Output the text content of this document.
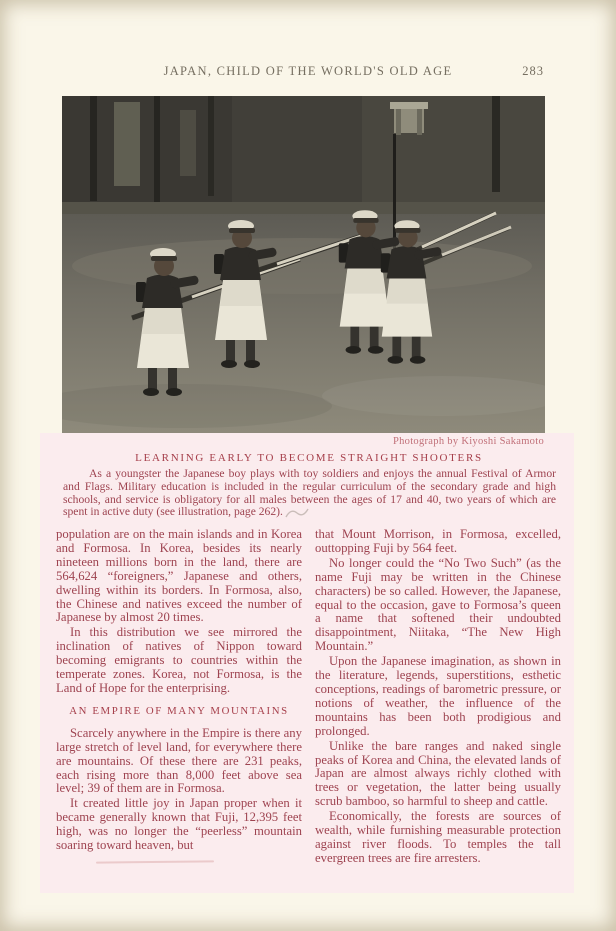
JAPAN, CHILD OF THE WORLD'S OLD AGE	283
Photograph by Kiyoshi Sakamoto
LEARNING EARLY TO BECOME STRAIGHT SHOOTERS
As a youngster the Japanese boy plays with toy soldiers and enjoys the annual Festival of Armor and Flags. Military education is included in the regular curriculum of the secondary grade and high schools, and service is obligatory for all males between the ages of 17 and 40, two years of which are spent in active duty (see illustration, page 262).

population are on the main islands and in Korea and Formosa. In Korea, besides its nearly nineteen millions born in the land, there are 564,624 “foreigners,” Japanese and others, dwelling within its borders. In Formosa, also, the Chinese and natives exceed the number of Japanese by almost 20 times.

In this distribution we see mirrored the inclination of natives of Nippon toward becoming emigrants to countries within the temperate zones. Korea, not Formosa, is the Land of Hope for the enterprising.

AN EMPIRE OF MANY MOUNTAINS

Scarcely anywhere in the Empire is there any large stretch of level land, for everywhere there are mountains. Of these there are 231 peaks, each rising more than 8,000 feet above sea level; 39 of them are in Formosa.

It created little joy in Japan proper when it became generally known that Fuji, 12,395 feet high, was no longer the “peerless” mountain soaring toward heaven, but

that Mount Morrison, in Formosa, excelled, outtopping Fuji by 564 feet.

No longer could the “No Two Such” (as the name Fuji may be written in the Chinese characters) be so called. However, the Japanese, equal to the occasion, gave to Formosa’s queen a name that softened their undoubted disappointment, Niitaka, “The New High Mountain.”

Upon the Japanese imagination, as shown in the literature, legends, superstitions, esthetic conceptions, readings of barometric pressure, or notions of weather, the influence of the mountains has been both prodigious and prolonged.

Unlike the bare ranges and naked single peaks of Korea and China, the elevated lands of Japan are almost always richly clothed with trees or vegetation, the latter being usually scrub bamboo, so harmful to sheep and cattle.

Economically, the forests are sources of wealth, while furnishing measurable protection against river floods. To temples the tall evergreen trees are fire arresters.
